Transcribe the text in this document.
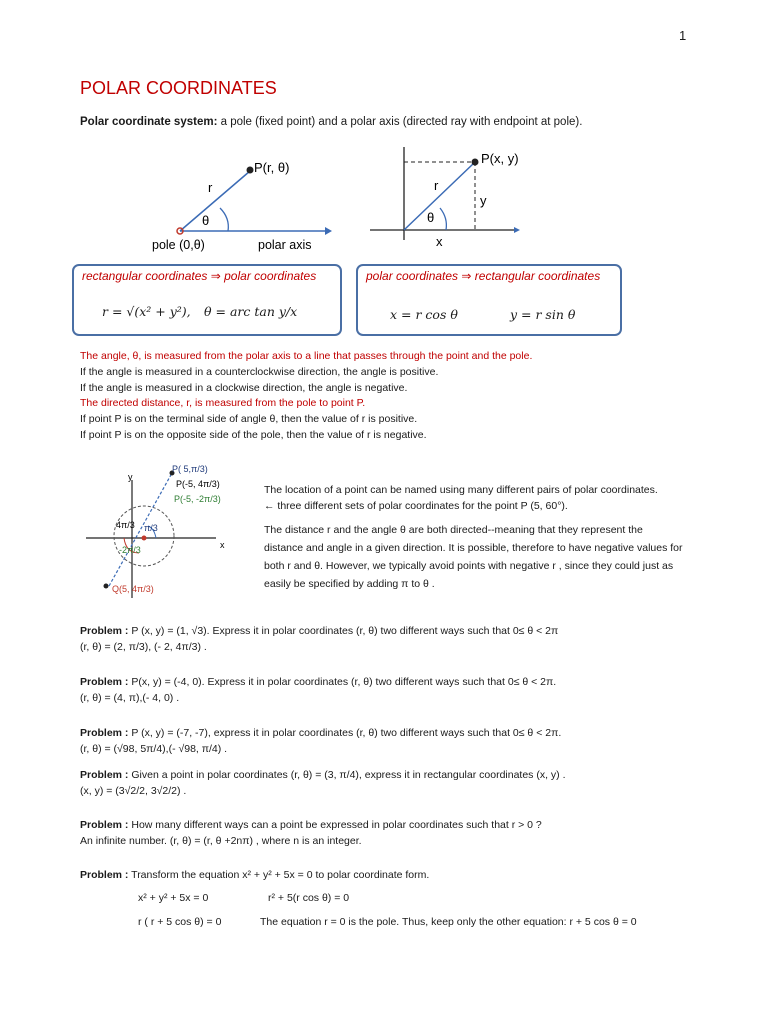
1
POLAR COORDINATES
Polar coordinate system: a pole (fixed point) and a polar axis (directed ray with endpoint at pole).
P(r, θ)
r
θ
pole (0,θ)	polar axis
P(x, y)
r
θ
y
x
rectangular coordinates ⇒ polar coordinates
r = √(x² + y²), θ = arc tan y/x
polar coordinates ⇒ rectangular coordinates
x = r cos θ	y = r sin θ
The angle, θ, is measured from the polar axis to a line that passes through the point and the pole.
If the angle is measured in a counterclockwise direction, the angle is positive.
If the angle is measured in a clockwise direction, the angle is negative.
The directed distance, r, is measured from the pole to point P.
If point P is on the terminal side of angle θ, then the value of r is positive.
If point P is on the opposite side of the pole, then the value of r is negative.
y
x
P( 5,π/3)
P(-5, 4π/3)
P(-5, -2π/3)
4π/3 π/3
-2π/3
Q(5, 4π/3)
The location of a point can be named using many different pairs of polar coordinates.
← three different sets of polar coordinates for the point P (5, 60°).
The distance r and the angle θ are both directed--meaning that they represent the
distance and angle in a given direction. It is possible, therefore to have negative values for
both r and θ. However, we typically avoid points with negative r , since they could just as
easily be specified by adding π to θ .
Problem : P (x, y) = (1, √3). Express it in polar coordinates (r, θ) two different ways such that 0≤ θ < 2π
(r, θ) = (2, π/3), (- 2, 4π/3) .
Problem : P(x, y) = (-4, 0). Express it in polar coordinates (r, θ) two different ways such that 0≤ θ < 2π.
(r, θ) = (4, π),(- 4, 0) .
Problem : P (x, y) = (-7, -7), express it in polar coordinates (r, θ) two different ways such that 0≤ θ < 2π.
(r, θ) = (√98, 5π/4),(- √98, π/4) .
Problem : Given a point in polar coordinates (r, θ) = (3, π/4), express it in rectangular coordinates (x, y) .
(x, y) = (3√2/2, 3√2/2) .
Problem : How many different ways can a point be expressed in polar coordinates such that r > 0 ?
An infinite number. (r, θ) = (r, θ +2nπ) , where n is an integer.
Problem : Transform the equation x² + y² + 5x = 0 to polar coordinate form.
x² + y² + 5x = 0	r² + 5(r cos θ) = 0
r ( r + 5 cos θ) = 0	The equation r = 0 is the pole. Thus, keep only the other equation: r + 5 cos θ = 0
